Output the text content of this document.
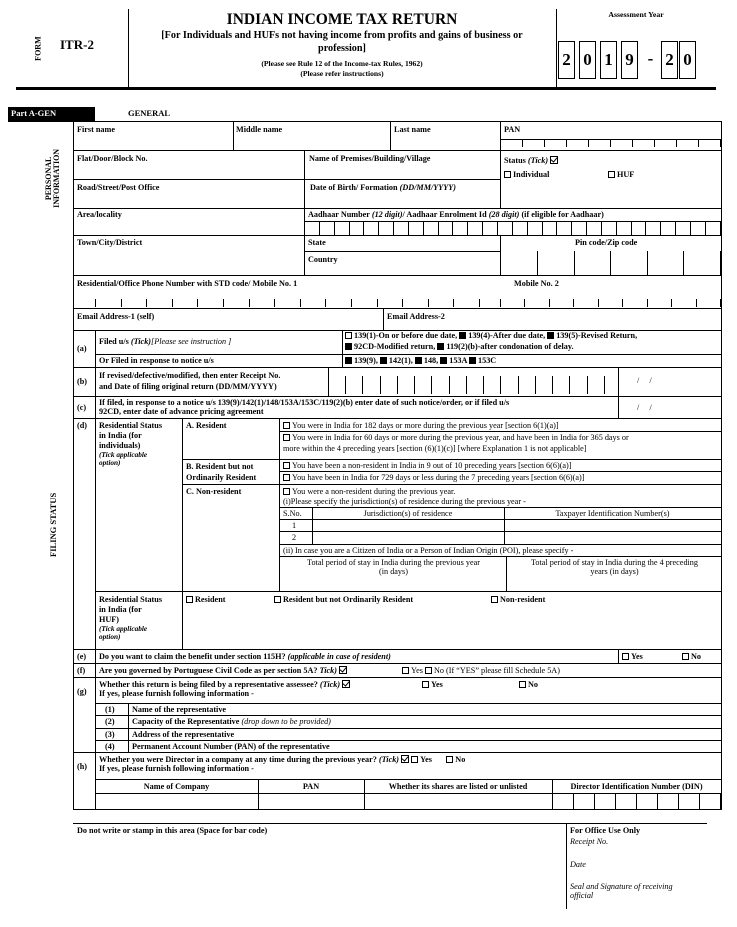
FORM ITR-2
INDIAN INCOME TAX RETURN
[For Individuals and HUFs not having income from profits and gains of business or profession]
(Please see Rule 12 of the Income-tax Rules, 1962)
(Please refer instructions)
Assessment Year
2 0 1 9 - 2 0
Part A-GEN	GENERAL
PERSONAL INFORMATION
First name	Middle name	Last name	PAN
Flat/Door/Block No.	Name of Premises/Building/Village	Status (Tick)
Individual	HUF
Road/Street/Post Office	Date of Birth/ Formation (DD/MM/YYYY)
Area/locality	Aadhaar Number (12 digit)/ Aadhaar Enrolment Id (28 digit) (if eligible for Aadhaar)
Town/City/District	State	Pin code/Zip code
Country
Residential/Office Phone Number with STD code/ Mobile No. 1	Mobile No. 2
Email Address-1 (self)	Email Address-2
FILING STATUS
(a)
Filed u/s (Tick)[Please see instruction ]
139(1)-On or before due date, 139(4)-After due date, 139(5)-Revised Return,
92CD-Modified return, 119(2)(b)-after condonation of delay.
Or Filed in response to notice u/s	139(9), 142(1), 148, 153A 153C
(b)
If revised/defective/modified, then enter Receipt No.
and Date of filing original return (DD/MM/YYYY)
/     /
(c)
If filed, in response to a notice u/s 139(9)/142(1)/148/153A/153C/119(2)(b) enter date of such notice/order, or if filed u/s
92CD, enter date of advance pricing agreement	/     /
(d) Residential Status
in India (for
individuals)
(Tick applicable
option)
A. Resident	You were in India for 182 days or more during the previous year [section 6(1)(a)]
You were in India for 60 days or more during the previous year, and have been in India for 365 days or
more within the 4 preceding years [section (6)(1)(c)] [where Explanation 1 is not applicable]
B. Resident but not
Ordinarily Resident
You have been a non-resident in India in 9 out of 10 preceding years [section 6(6)(a)]
You have been in India for 729 days or less during the 7 preceding years [section 6(6)(a)]
C. Non-resident	You were a non-resident during the previous year.
(i)Please specify the jurisdiction(s) of residence during the previous year -
S.No.	Jurisdiction(s) of residence	Taxpayer Identification Number(s)
1
2
(ii) In case you are a Citizen of India or a Person of Indian Origin (POI), please specify -
Total period of stay in India during the previous year
(in days)
Total period of stay in India during the 4 preceding
years (in days)
Residential Status
in India (for
HUF)
(Tick applicable
option)
Resident	Resident but not Ordinarily Resident	Non-resident
(e) Do you want to claim the benefit under section 115H? (applicable in case of resident)	Yes	No
(f) Are you governed by Portuguese Civil Code as per section 5A? Tick)	Yes No (If “YES” please fill Schedule 5A)
(g)
Whether this return is being filed by a representative assessee? (Tick)
If yes, please furnish following information -
Yes	No
(1) Name of the representative
(2) Capacity of the Representative (drop down to be provided)
(3) Address of the representative
(4) Permanent Account Number (PAN) of the representative
(h)
Whether you were Director in a company at any time during the previous year? (Tick)	Yes	No
If yes, please furnish following information -
Name of Company	PAN	Whether its shares are listed or unlisted	Director Identification Number (DIN)
Do not write or stamp in this area (Space for bar code)	For Office Use Only
Receipt No.
Date
Seal and Signature of receiving
official
